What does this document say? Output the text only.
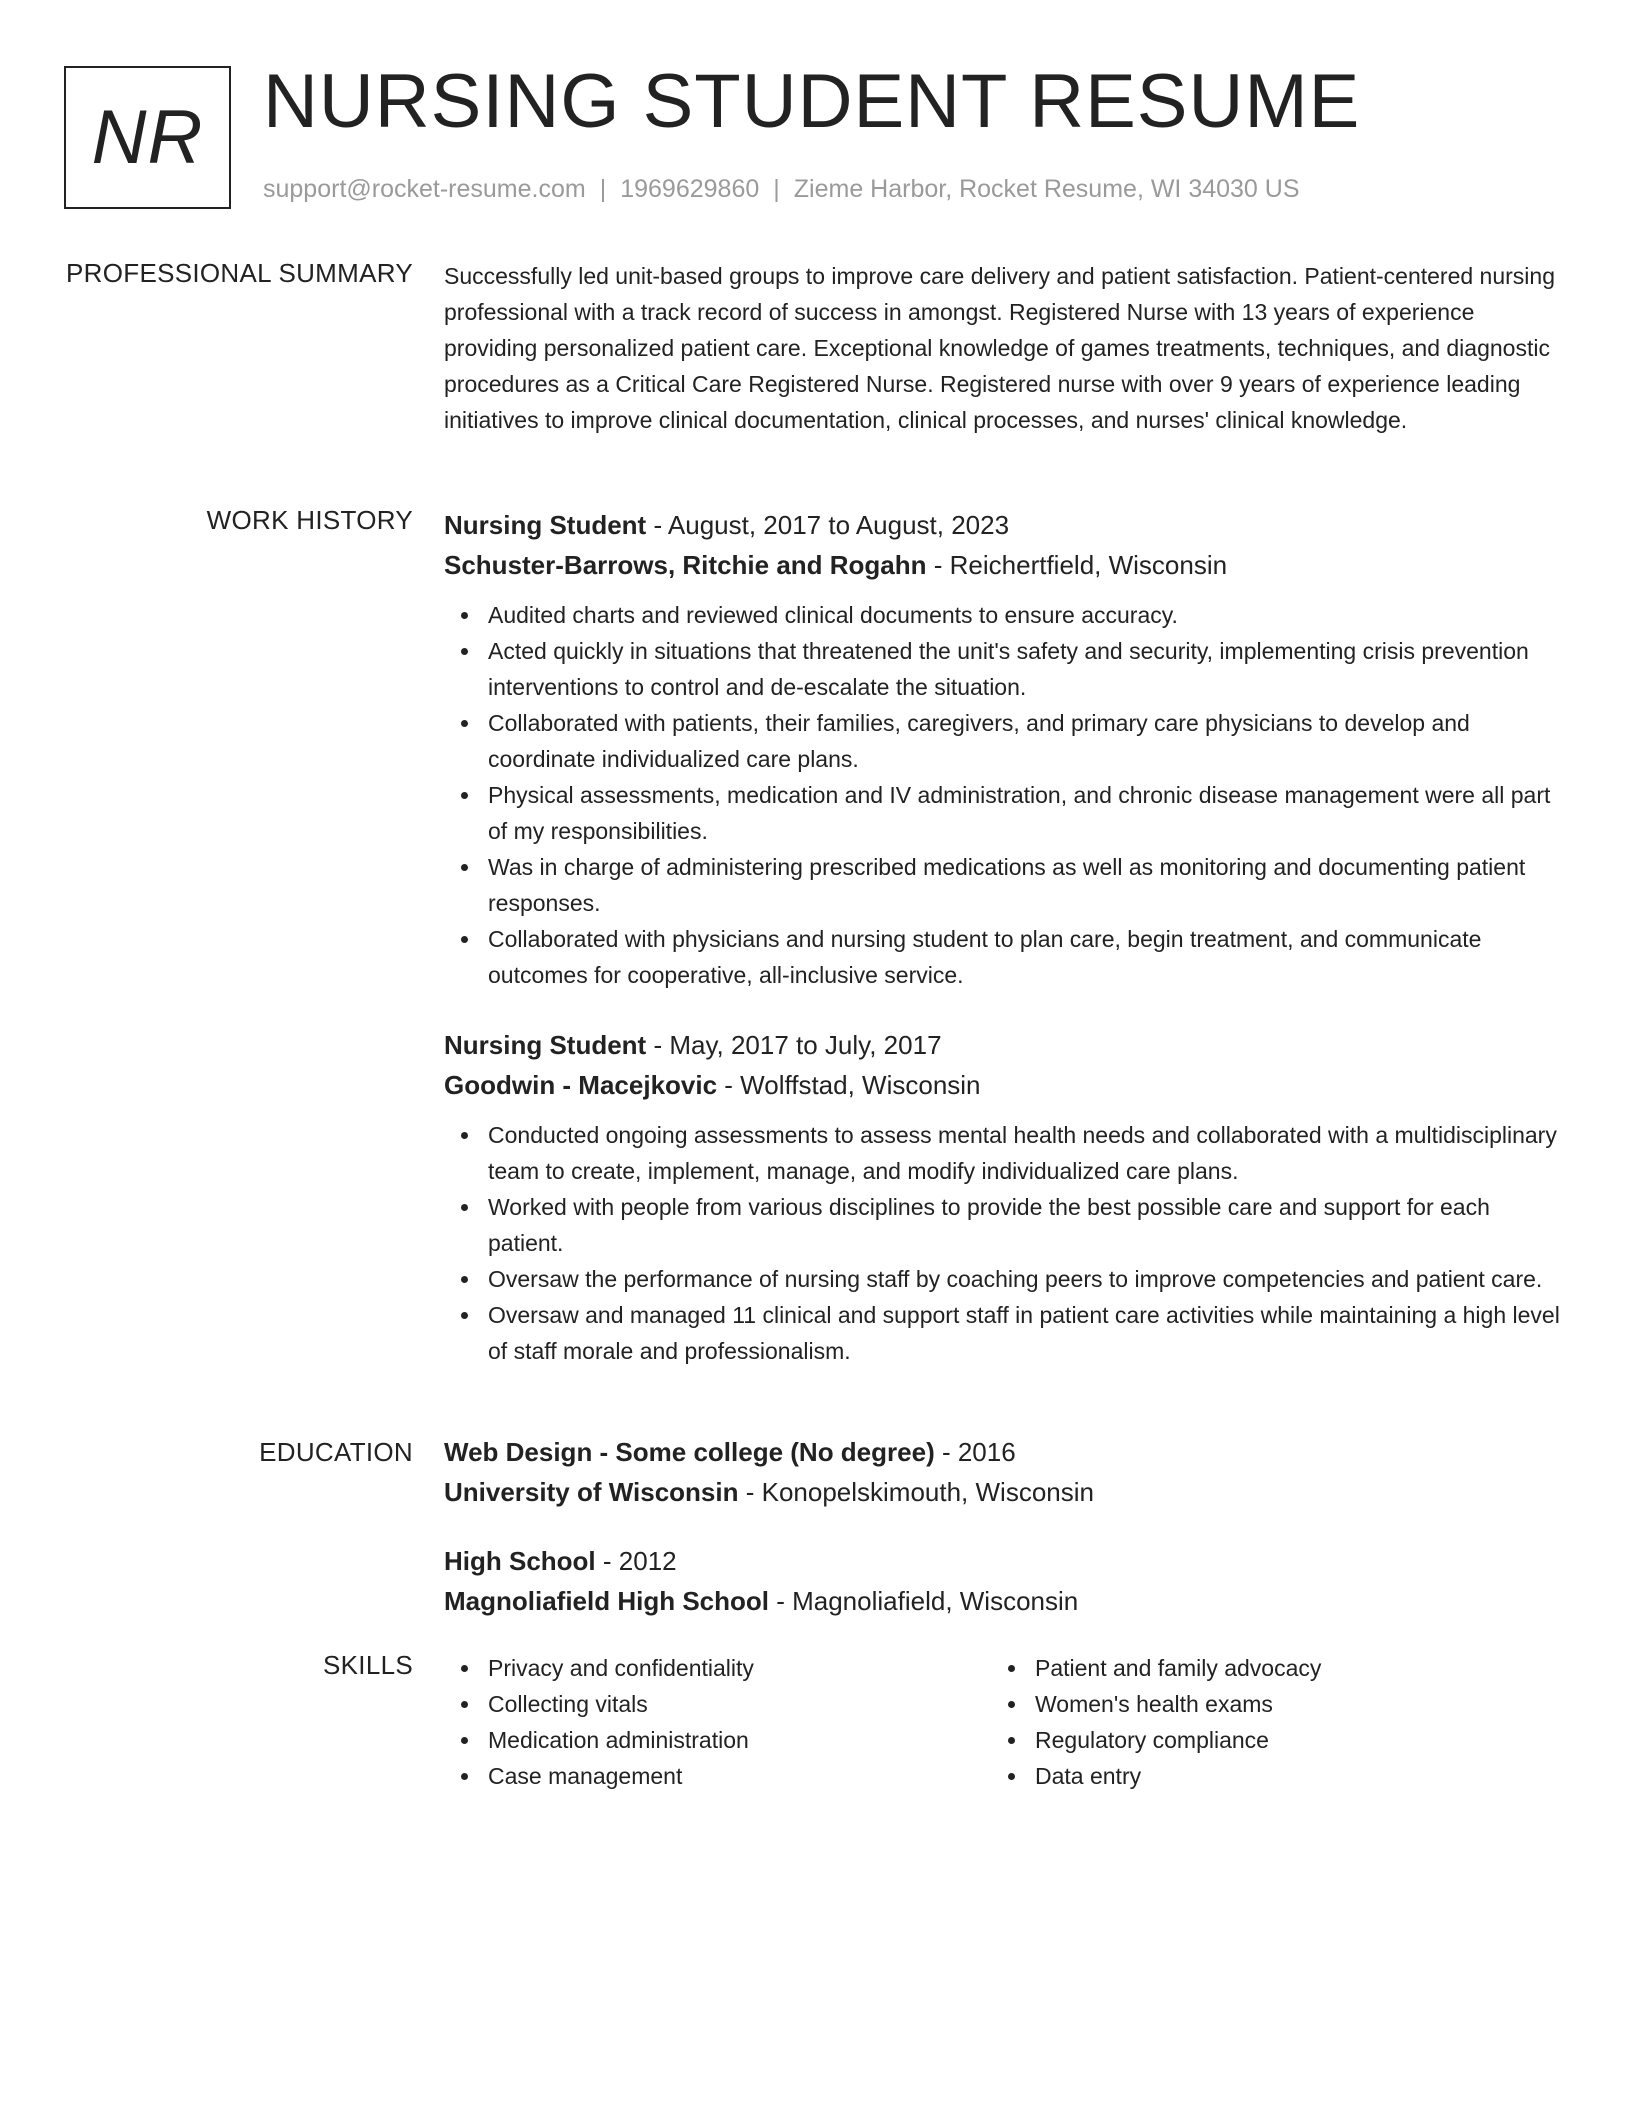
NR NURSING STUDENT RESUME
support@rocket-resume.com | 1969629860 | Zieme Harbor, Rocket Resume, WI 34030 US
PROFESSIONAL SUMMARY Successfully led unit-based groups to improve care delivery and patient satisfaction. Patient-centered nursing professional with a track record of success in amongst. Registered Nurse with 13 years of experience providing personalized patient care. Exceptional knowledge of games treatments, techniques, and diagnostic procedures as a Critical Care Registered Nurse. Registered nurse with over 9 years of experience leading initiatives to improve clinical documentation, clinical processes, and nurses' clinical knowledge.

WORK HISTORY Nursing Student - August, 2017 to August, 2023
Schuster-Barrows, Ritchie and Rogahn - Reichertfield, Wisconsin
Audited charts and reviewed clinical documents to ensure accuracy.
Acted quickly in situations that threatened the unit's safety and security, implementing crisis prevention interventions to control and de-escalate the situation.
Collaborated with patients, their families, caregivers, and primary care physicians to develop and coordinate individualized care plans.
Physical assessments, medication and IV administration, and chronic disease management were all part of my responsibilities.
Was in charge of administering prescribed medications as well as monitoring and documenting patient responses.
Collaborated with physicians and nursing student to plan care, begin treatment, and communicate outcomes for cooperative, all-inclusive service.
Nursing Student - May, 2017 to July, 2017
Goodwin - Macejkovic - Wolffstad, Wisconsin
Conducted ongoing assessments to assess mental health needs and collaborated with a multidisciplinary team to create, implement, manage, and modify individualized care plans.
Worked with people from various disciplines to provide the best possible care and support for each patient.
Oversaw the performance of nursing staff by coaching peers to improve competencies and patient care.
Oversaw and managed 11 clinical and support staff in patient care activities while maintaining a high level of staff morale and professionalism.
EDUCATION Web Design - Some college (No degree) - 2016
University of Wisconsin - Konopelskimouth, Wisconsin
High School - 2012
Magnoliafield High School - Magnoliafield, Wisconsin
SKILLS	Privacy and confidentiality
Collecting vitals
Medication administration
Case management
Patient and family advocacy
Women's health exams
Regulatory compliance
Data entry
